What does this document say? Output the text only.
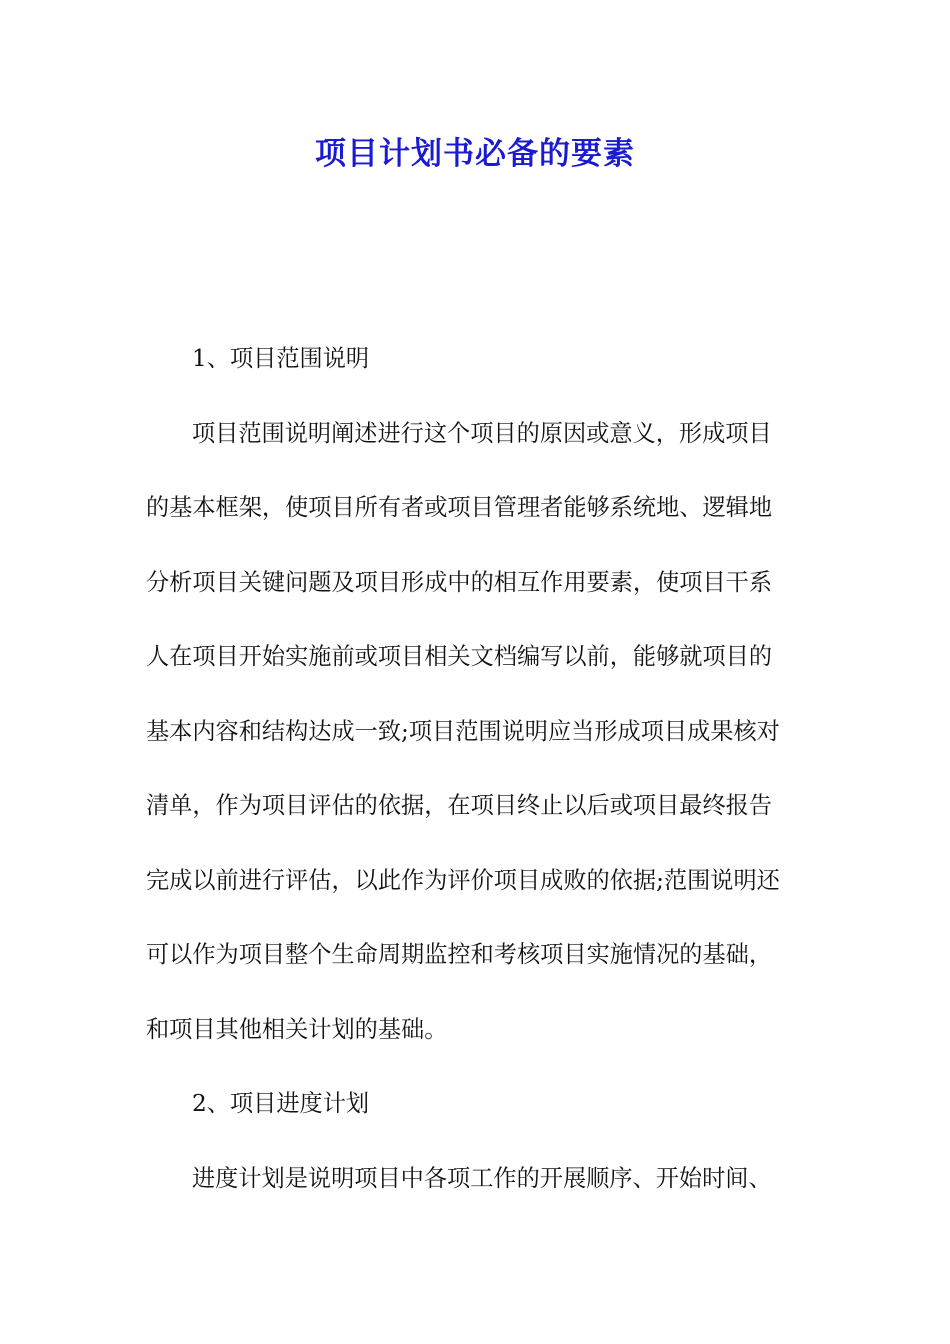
项目计划书必备的要素
1、项目范围说明
项目范围说明阐述进行这个项目的原因或意义，形成项目
的基本框架，使项目所有者或项目管理者能够系统地、逻辑地
分析项目关键问题及项目形成中的相互作用要素，使项目干系
人在项目开始实施前或项目相关文档编写以前，能够就项目的
基本内容和结构达成一致;项目范围说明应当形成项目成果核对
清单，作为项目评估的依据，在项目终止以后或项目最终报告
完成以前进行评估，以此作为评价项目成败的依据;范围说明还
可以作为项目整个生命周期监控和考核项目实施情况的基础，
和项目其他相关计划的基础。
2、项目进度计划
进度计划是说明项目中各项工作的开展顺序、开始时间、
